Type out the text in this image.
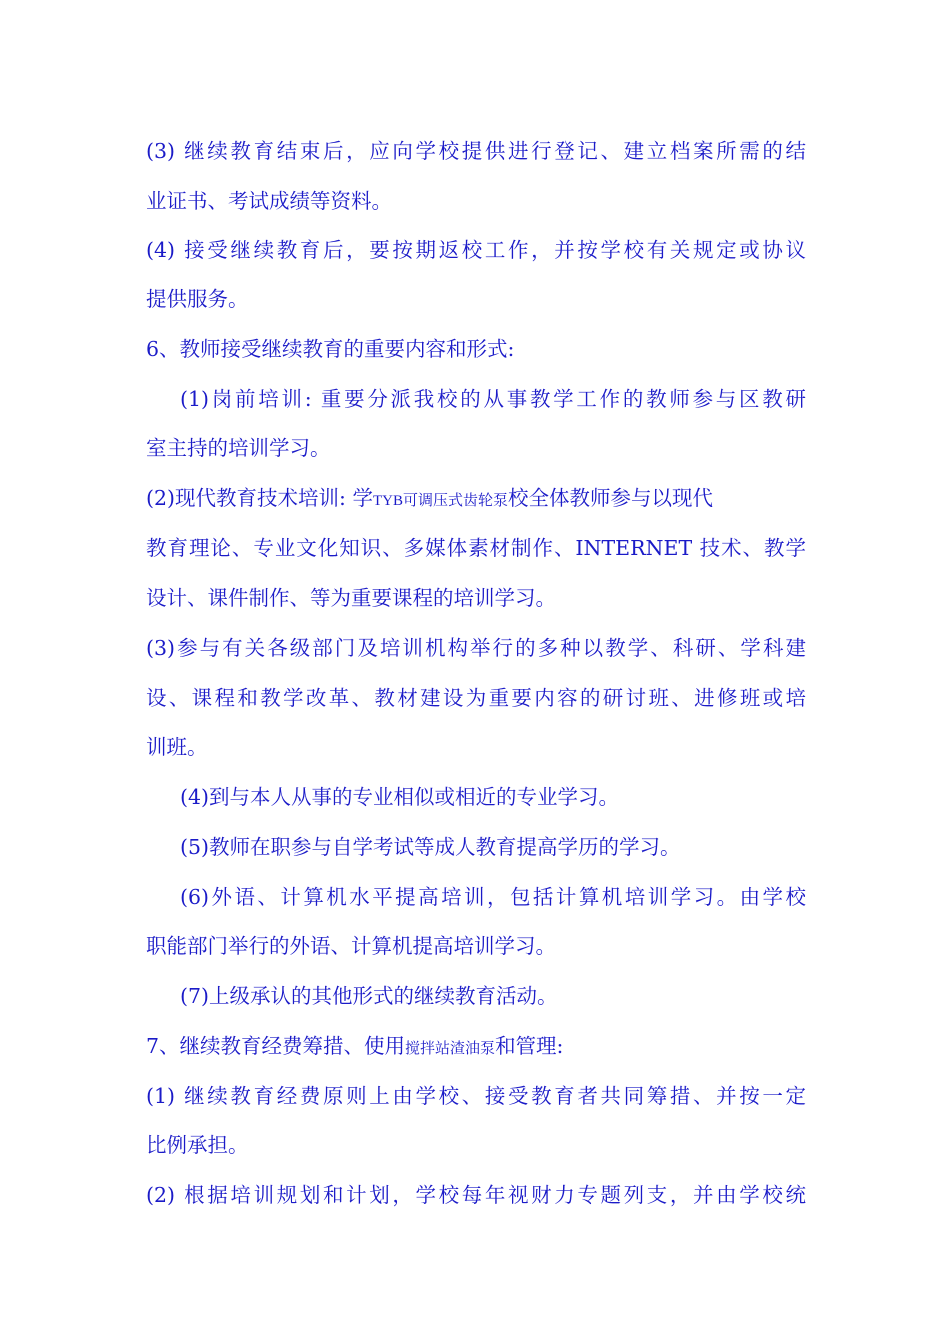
(3) 继续教育结束后，应向学校提供进行登记、建立档案所需的结
业证书、考试成绩等资料。
(4) 接受继续教育后，要按期返校工作，并按学校有关规定或协议
提供服务。
6、教师接受继续教育的重要内容和形式:
(1)岗前培训: 重要分派我校的从事教学工作的教师参与区教研
室主持的培训学习。
(2)现代教育技术培训: 学TYB可调压式齿轮泵校全体教师参与以现代
教育理论、专业文化知识、多媒体素材制作、INTERNET 技术、教学
设计、课件制作、等为重要课程的培训学习。
(3)参与有关各级部门及培训机构举行的多种以教学、科研、学科建
设、课程和教学改革、教材建设为重要内容的研讨班、进修班或培
训班。
(4)到与本人从事的专业相似或相近的专业学习。
(5)教师在职参与自学考试等成人教育提高学历的学习。
(6)外语、计算机水平提高培训，包括计算机培训学习。由学校
职能部门举行的外语、计算机提高培训学习。
(7)上级承认的其他形式的继续教育活动。
7、继续教育经费筹措、使用搅拌站渣油泵和管理:
(1) 继续教育经费原则上由学校、接受教育者共同筹措、并按一定
比例承担。
(2) 根据培训规划和计划，学校每年视财力专题列支，并由学校统
